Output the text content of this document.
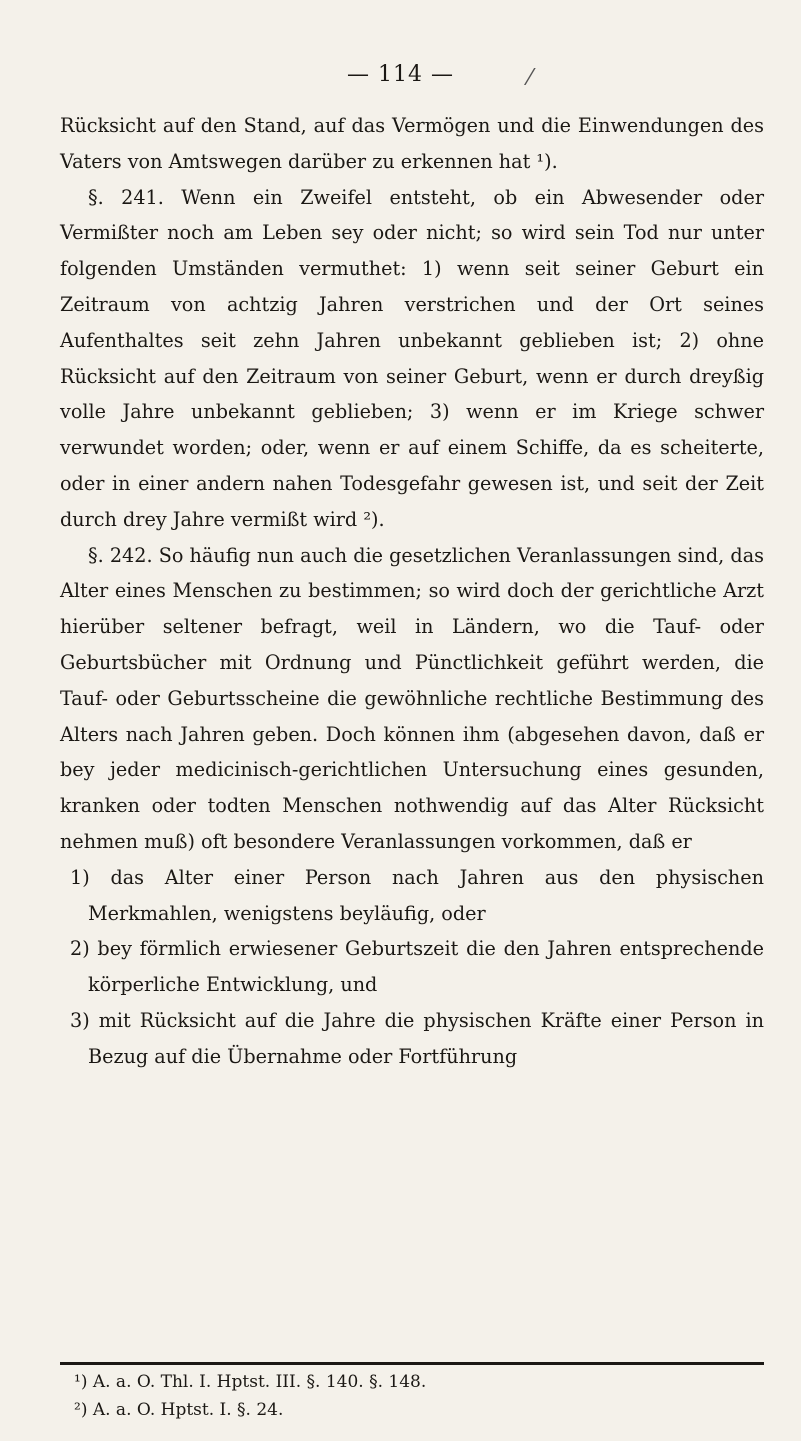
— 114 —	⁄

Rücksicht auf den Stand, auf das Vermögen und die Einwendungen des Vaters von Amtswegen darüber zu erkennen hat ¹).

§. 241. Wenn ein Zweifel entsteht, ob ein Abwesender oder Vermißter noch am Leben sey oder nicht; so wird sein Tod nur unter folgenden Umständen vermuthet: 1) wenn seit seiner Geburt ein Zeitraum von achtzig Jahren verstrichen und der Ort seines Aufenthaltes seit zehn Jahren unbekannt geblieben ist; 2) ohne Rücksicht auf den Zeitraum von seiner Geburt, wenn er durch dreyßig volle Jahre unbekannt geblieben; 3) wenn er im Kriege schwer verwundet worden; oder, wenn er auf einem Schiffe, da es scheiterte, oder in einer andern nahen Todesgefahr gewesen ist, und seit der Zeit durch drey Jahre vermißt wird ²).

§. 242. So häufig nun auch die gesetzlichen Veranlassungen sind, das Alter eines Menschen zu bestimmen; so wird doch der gerichtliche Arzt hierüber seltener befragt, weil in Ländern, wo die Tauf- oder Geburtsbücher mit Ordnung und Pünctlichkeit geführt werden, die Tauf- oder Geburtsscheine die gewöhnliche rechtliche Bestimmung des Alters nach Jahren geben. Doch können ihm (abgesehen davon, daß er bey jeder medicinisch-gerichtlichen Untersuchung eines gesunden, kranken oder todten Menschen nothwendig auf das Alter Rücksicht nehmen muß) oft besondere Veranlassungen vorkommen, daß er

1) das Alter einer Person nach Jahren aus den physischen Merkmahlen, wenigstens beyläufig, oder

2) bey förmlich erwiesener Geburtszeit die den Jahren entsprechende körperliche Entwicklung, und

3) mit Rücksicht auf die Jahre die physischen Kräfte einer Person in Bezug auf die Übernahme oder Fortführung

¹) A. a. O. Thl. I. Hptst. III. §. 140. §. 148.

²) A. a. O. Hptst. I. §. 24.
